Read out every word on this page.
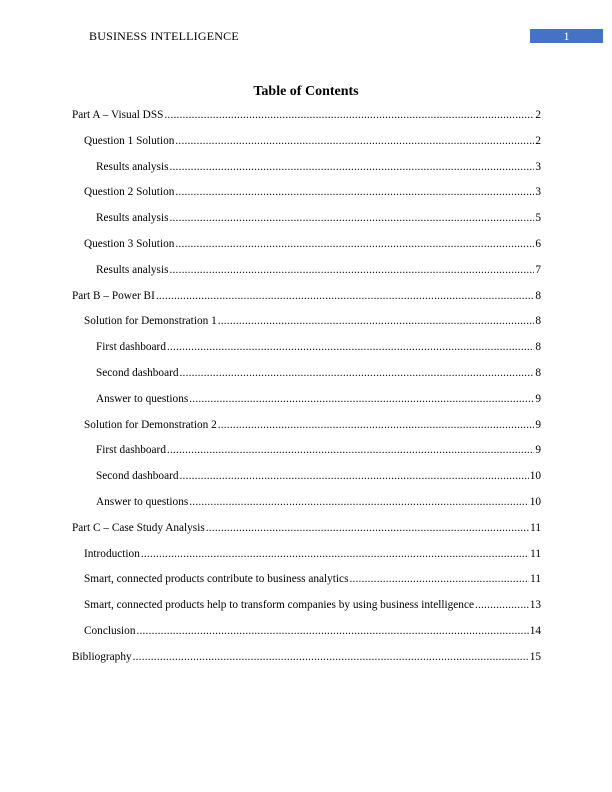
BUSINESS INTELLIGENCE	1
Table of Contents
Part A – Visual DSS .....	2
Question 1 Solution .....	2
Results analysis .....	3
Question 2 Solution .....	3
Results analysis .....	5
Question 3 Solution .....	6
Results analysis .....	7
Part B – Power BI .....	8
Solution for Demonstration 1 .....	8
First dashboard .....	8
Second dashboard .....	8
Answer to questions .....	9
Solution for Demonstration 2 .....	9
First dashboard .....	9
Second dashboard .....	10
Answer to questions .....	10
Part C – Case Study Analysis .....	11
Introduction .....	11
Smart, connected products contribute to business analytics .....	11
Smart, connected products help to transform companies by using business intelligence .....	13
Conclusion .....	14
Bibliography .....	15
